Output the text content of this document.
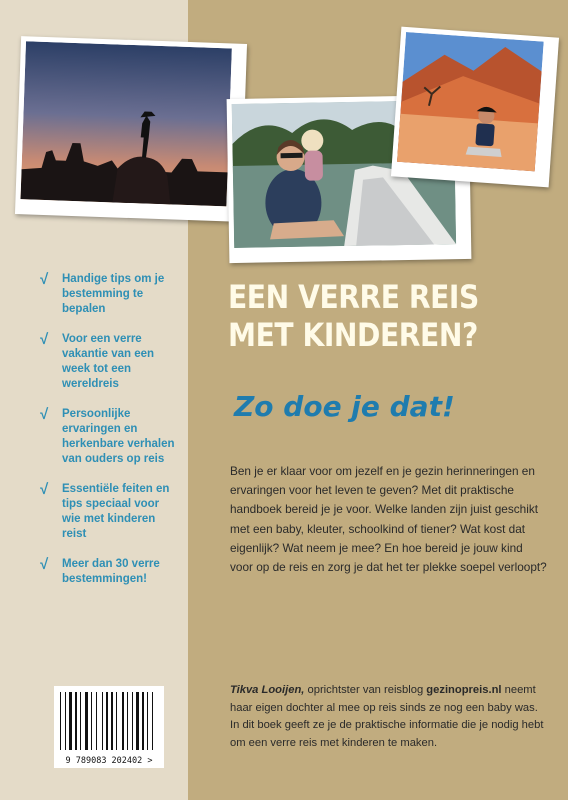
√	Handige tips om je bestemming te bepalen
√	Voor een verre vakantie van een week tot een wereldreis
√	Persoonlijke ervaringen en herkenbare verhalen van ouders op reis
√	Essentiële feiten en tips speciaal voor wie met kinderen reist
√	Meer dan 30 verre bestemmingen!
EEN VERRE REIS
MET KINDEREN?
Zo doe je dat!
Ben je er klaar voor om jezelf en je gezin herinneringen en ervaringen voor het leven te geven? Met dit praktische handboek bereid je je voor. Welke landen zijn juist geschikt met een baby, kleuter, schoolkind of tiener? Wat kost dat eigenlijk? Wat neem je mee? En hoe bereid je jouw kind voor op de reis en zorg je dat het ter plekke soepel verloopt?
Tikva Looijen, oprichtster van reisblog gezinopreis.nl neemt haar eigen dochter al mee op reis sinds ze nog een baby was. In dit boek geeft ze je de praktische informatie die je nodig hebt om een verre reis met kinderen te maken.
9 789083 202402 >
